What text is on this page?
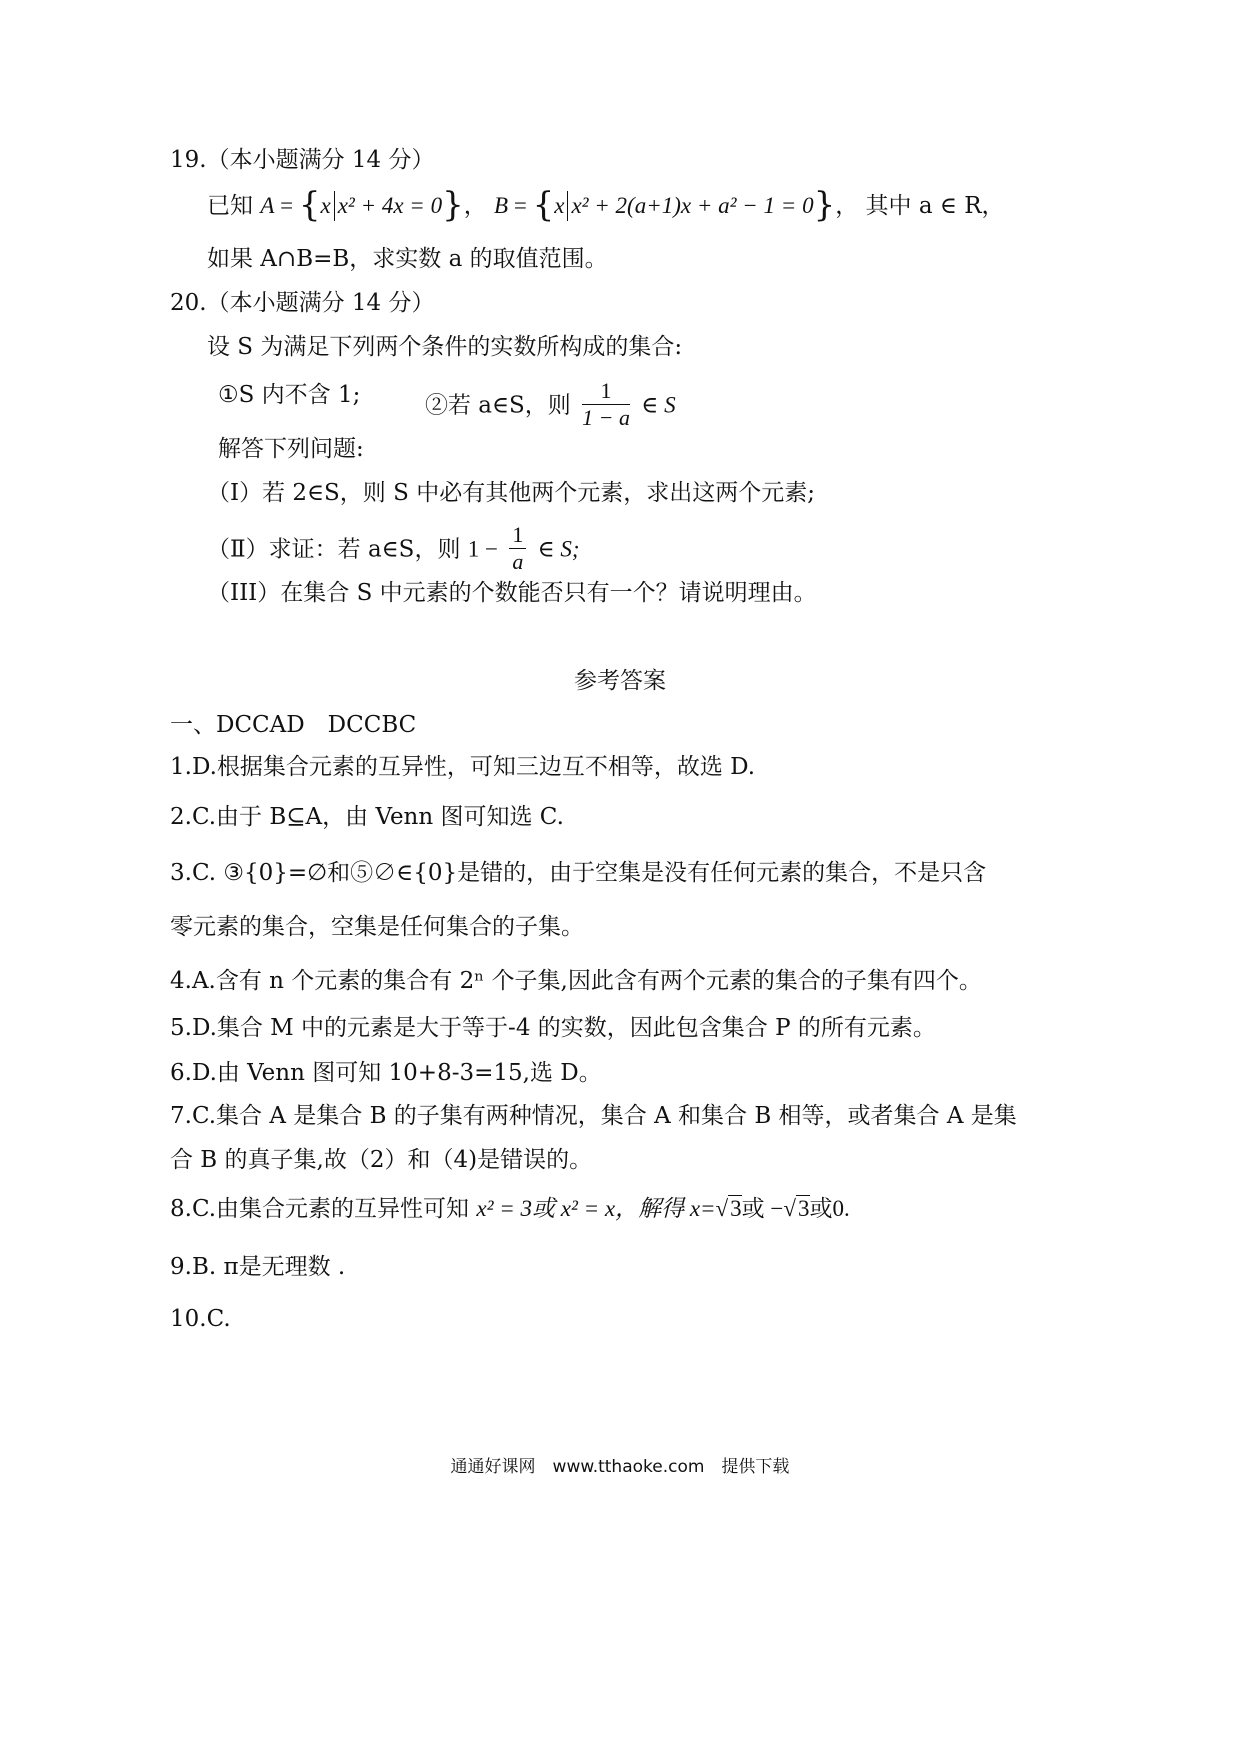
19.（本小题满分 14 分）
已知 A = {x x² + 4x = 0}， B = {x x² + 2(a+1)x + a² − 1 = 0}， 其中 a ∈ R，
如果 A∩B=B，求实数 a 的取值范围。
20.（本小题满分 14 分）
设 S 为满足下列两个条件的实数所构成的集合:
①S 内不含 1;	②若 a∈S，则 $\frac{1}{1 - a}$ ∈ S
解答下列问题:
（Ⅰ）若 2∈S，则 S 中必有其他两个元素，求出这两个元素;
（Ⅱ）求证：若 a∈S，则 $1 - \frac{1}{a}$ ∈ S;
（III）在集合 S 中元素的个数能否只有一个？请说明理由。
参考答案
一、DCCAD　DCCBC
1.D.根据集合元素的互异性，可知三边互不相等，故选 D.
2.C.由于 B⊆A，由 Venn 图可知选 C.
3.C. ③{0}=∅和⑤∅∈{0}是错的，由于空集是没有任何元素的集合，不是只含
零元素的集合，空集是任何集合的子集。
4.A.含有 n 个元素的集合有 2ⁿ 个子集,因此含有两个元素的集合的子集有四个。
5.D.集合 M 中的元素是大于等于-4 的实数，因此包含集合 P 的所有元素。
6.D.由 Venn 图可知 10+8-3=15,选 D。
7.C.集合 A 是集合 B 的子集有两种情况，集合 A 和集合 B 相等，或者集合 A 是集
合 B 的真子集,故（2）和（4)是错误的。
8.C.由集合元素的互异性可知 x² = 3或 x² = x，解得 x=√3或 −√3或0.
9.B. π是无理数 .
10.C.
通通好课网　www.tthaoke.com　提供下载
